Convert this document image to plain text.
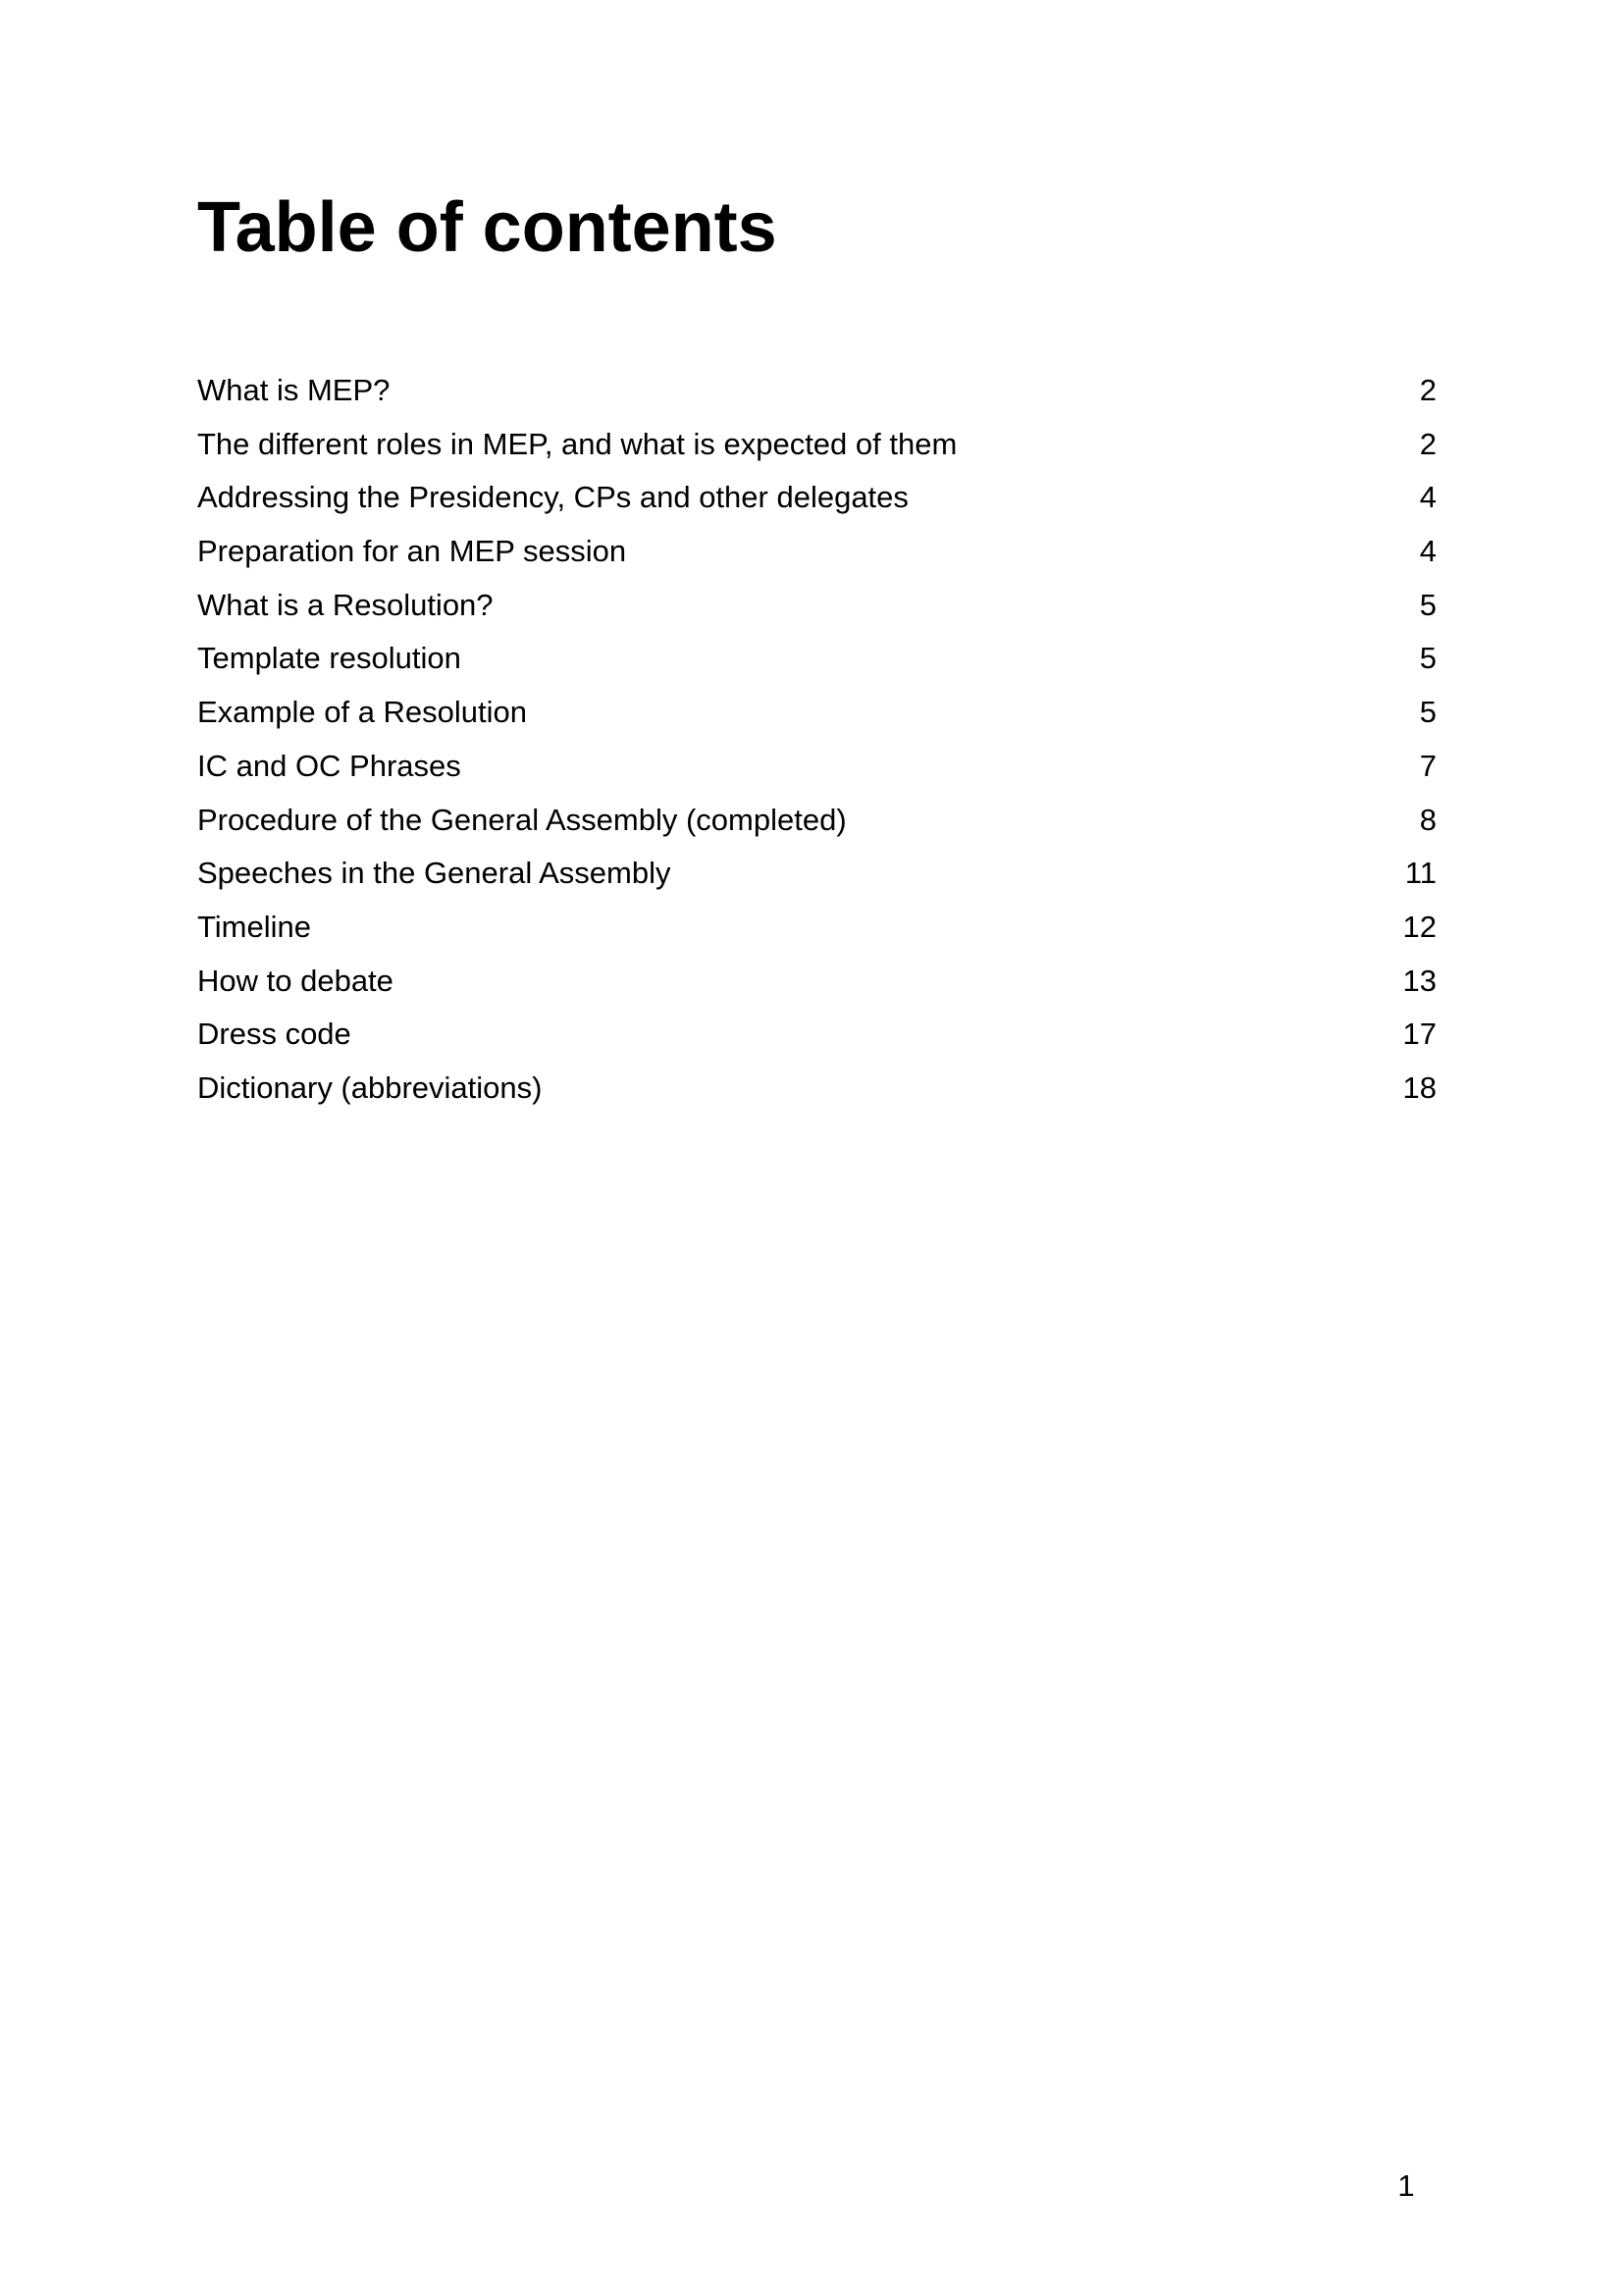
Table of contents
What is MEP?	2
The different roles in MEP, and what is expected of them	2
Addressing the Presidency, CPs and other delegates	4
Preparation for an MEP session	4
What is a Resolution?	5
Template resolution	5
Example of a Resolution	5
IC and OC Phrases	7
Procedure of the General Assembly (completed)	8
Speeches in the General Assembly	11
Timeline	12
How to debate	13
Dress code	17
Dictionary (abbreviations)	18
1
